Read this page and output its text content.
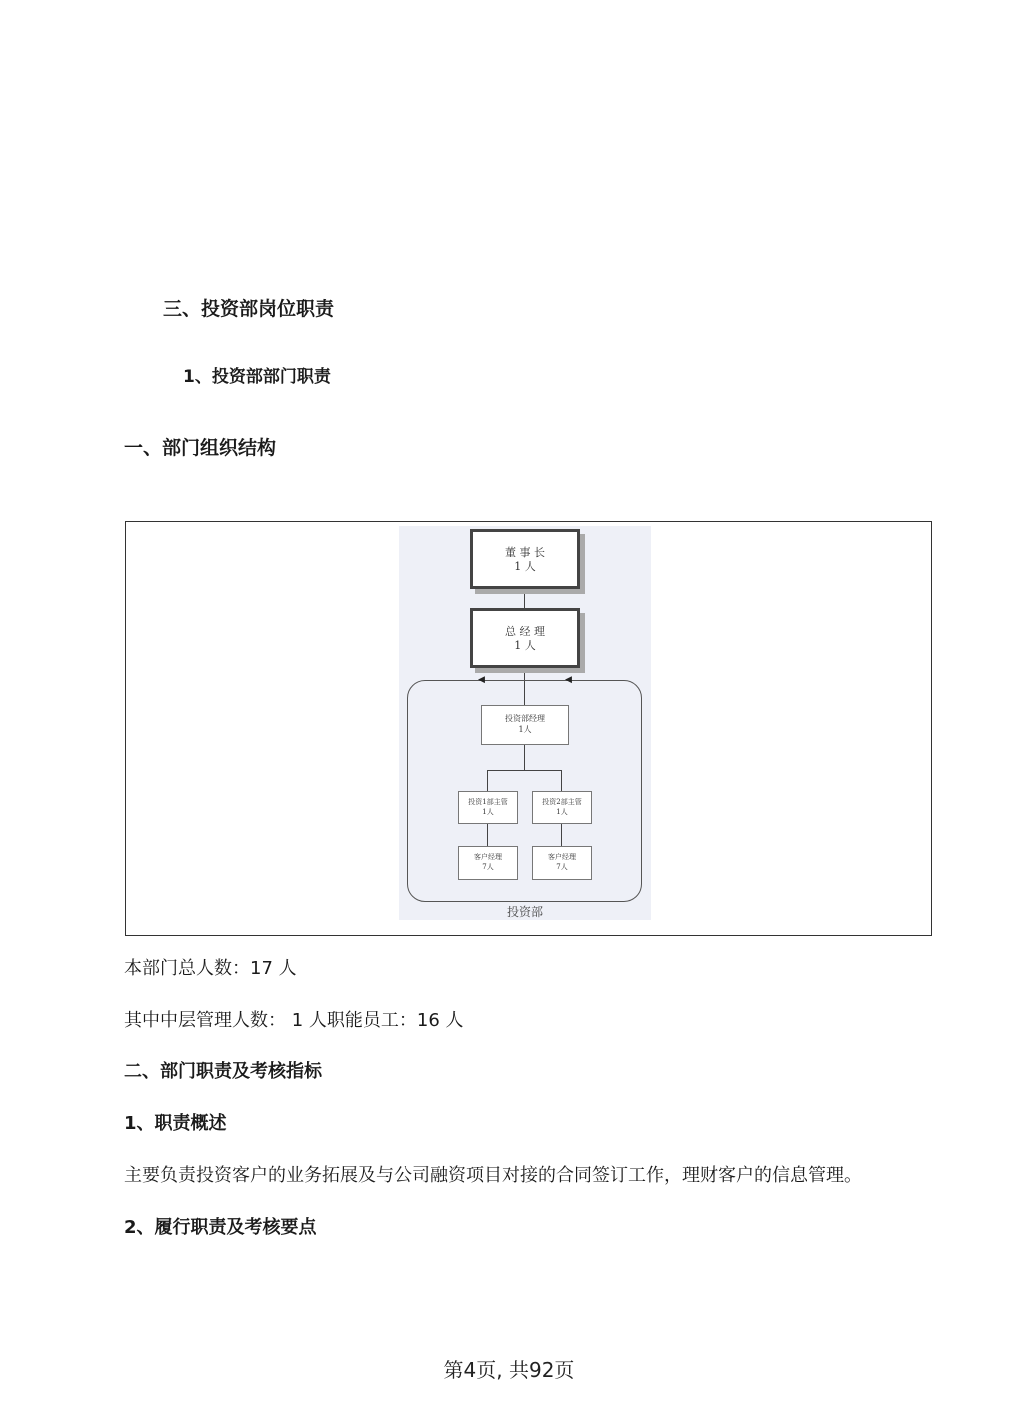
三、投资部岗位职责
1、投资部部门职责
一、部门组织结构
◀	◀
董 事 长
1 人
总 经 理
1 人
投资部经理
1人
投资1部主管
1人
投资2部主管
1人
客户经理
7人
客户经理
7人
投资部
本部门总人数：17 人
其中中层管理人数： 1 人职能员工：16 人
二、部门职责及考核指标
1、职责概述
主要负责投资客户的业务拓展及与公司融资项目对接的合同签订工作，理财客户的信息管理。
2、履行职责及考核要点
第4页, 共92页
